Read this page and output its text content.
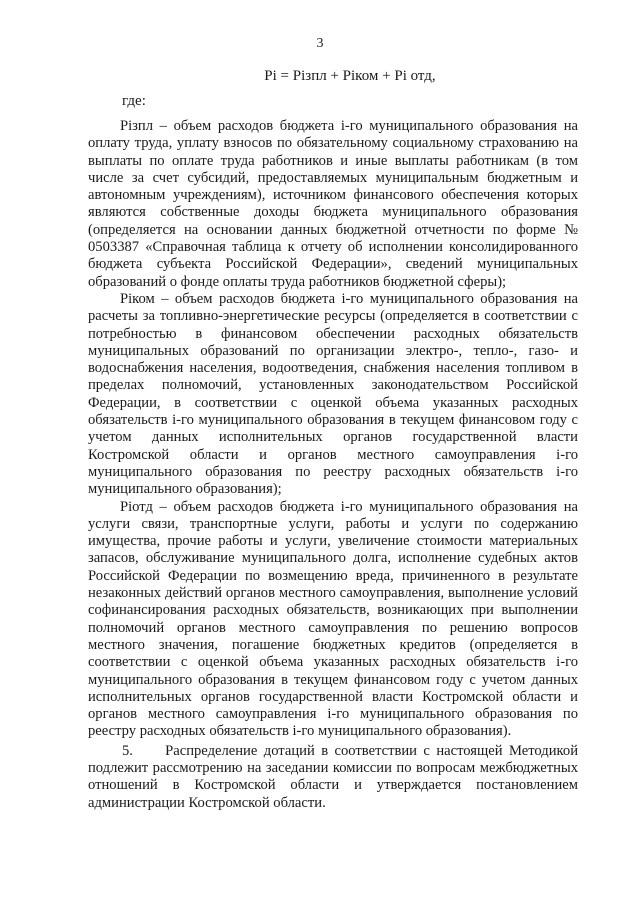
3
Pi = Pізпл + Pіком + Pi отд,
где:

Pізпл – объем расходов бюджета і-го муниципального образования на оплату труда, уплату взносов по обязательному социальному страхованию на выплаты по оплате труда работников и иные выплаты работникам (в том числе за счет субсидий, предоставляемых муниципальным бюджетным и автономным учреждениям), источником финансового обеспечения которых являются собственные доходы бюджета муниципального образования (определяется на основании данных бюджетной отчетности по форме № 0503387 «Справочная таблица к отчету об исполнении консолидированного бюджета субъекта Российской Федерации», сведений муниципальных образований о фонде оплаты труда работников бюджетной сферы);

Pіком – объем расходов бюджета і-го муниципального образования на расчеты за топливно-энергетические ресурсы (определяется в соответствии с потребностью в финансовом обеспечении расходных обязательств муниципальных образований по организации электро-, тепло-, газо- и водоснабжения населения, водоотведения, снабжения населения топливом в пределах полномочий, установленных законодательством Российской Федерации, в соответствии с оценкой объема указанных расходных обязательств і-го муниципального образования в текущем финансовом году с учетом данных исполнительных органов государственной власти Костромской области и органов местного самоуправления і-го муниципального образования по реестру расходных обязательств і-го муниципального образования);

Pіотд – объем расходов бюджета і-го муниципального образования на услуги связи, транспортные услуги, работы и услуги по содержанию имущества, прочие работы и услуги, увеличение стоимости материальных запасов, обслуживание муниципального долга, исполнение судебных актов Российской Федерации по возмещению вреда, причиненного в результате незаконных действий органов местного самоуправления, выполнение условий софинансирования расходных обязательств, возникающих при выполнении полномочий органов местного самоуправления по решению вопросов местного значения, погашение бюджетных кредитов (определяется в соответствии с оценкой объема указанных расходных обязательств і-го муниципального образования в текущем финансовом году с учетом данных исполнительных органов государственной власти Костромской области и органов местного самоуправления і-го муниципального образования по реестру расходных обязательств і-го муниципального образования).

5.     Распределение дотаций в соответствии с настоящей Методикой подлежит рассмотрению на заседании комиссии по вопросам межбюджетных отношений в Костромской области и утверждается постановлением администрации Костромской области.
